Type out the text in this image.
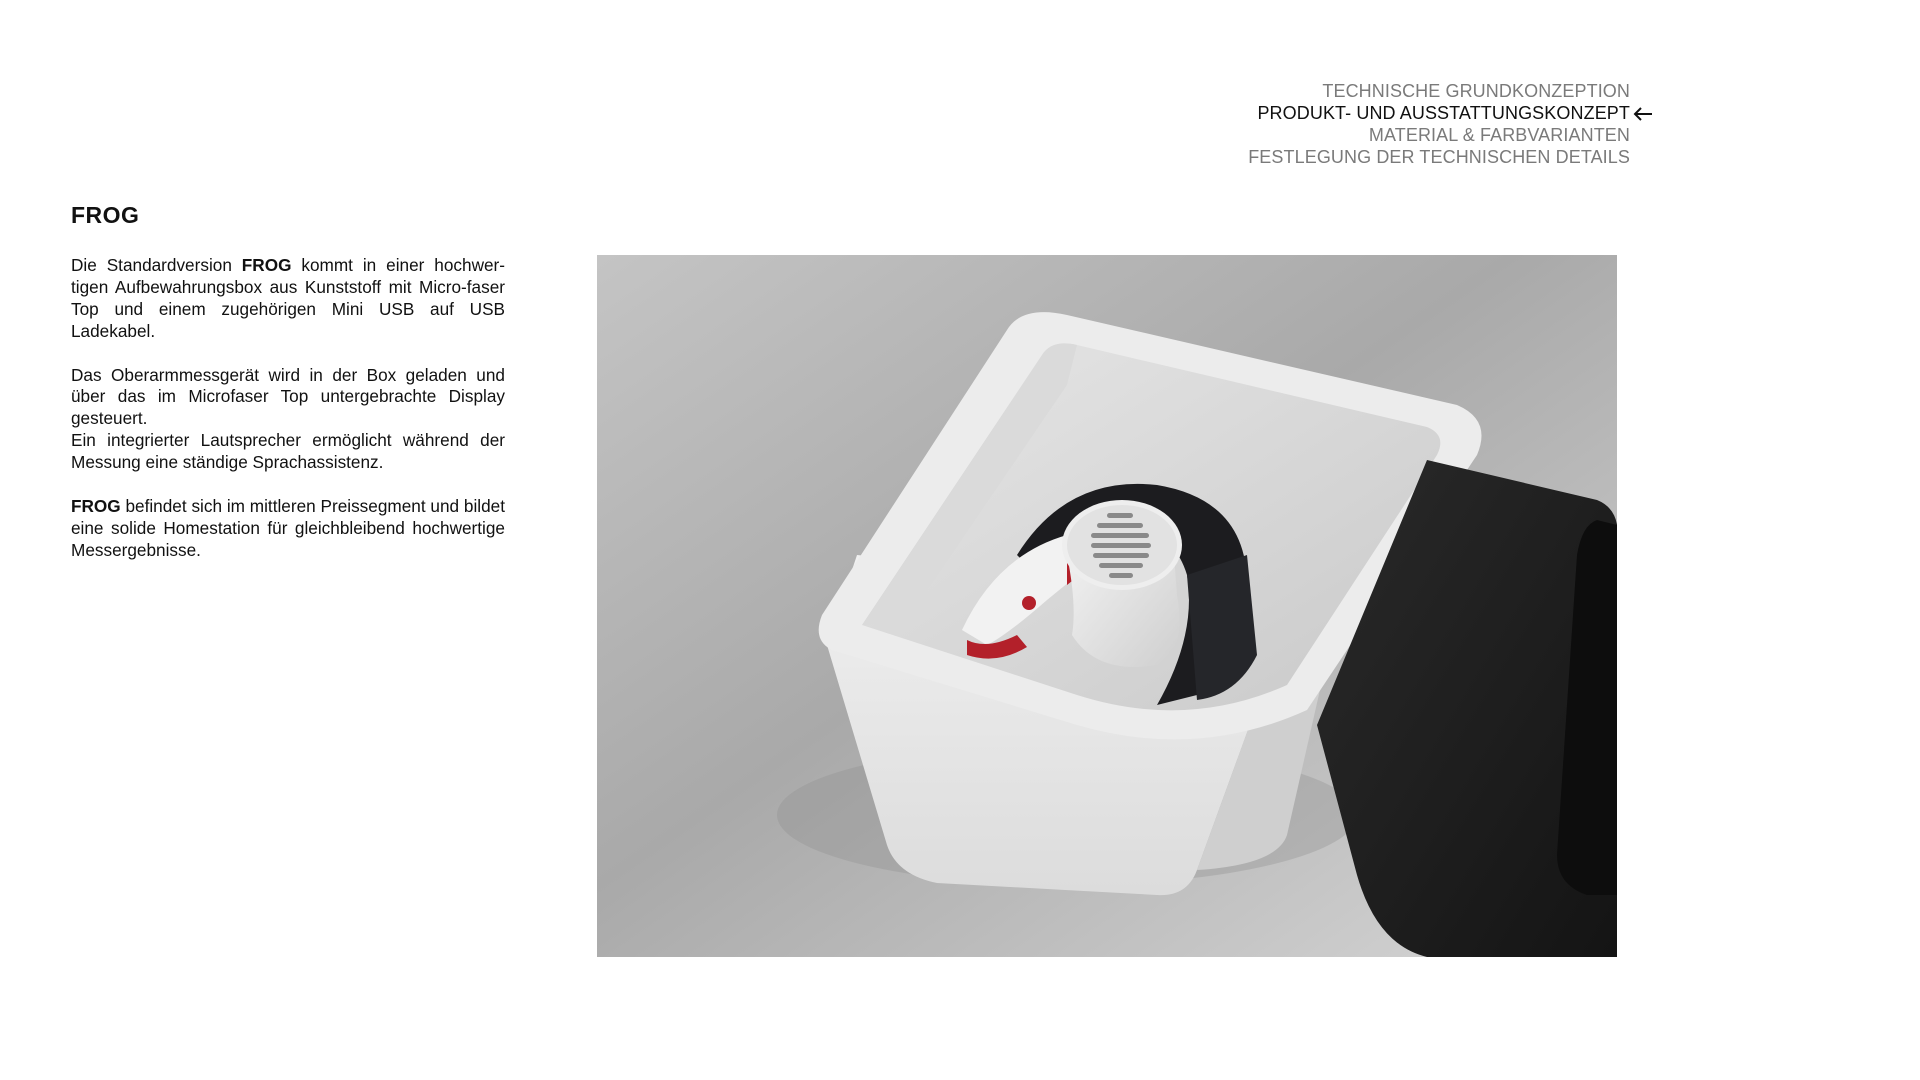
TECHNISCHE GRUNDKONZEPTION
PRODUKT- UND AUSSTATTUNGSKONZEPT
MATERIAL & FARBVARIANTEN
FESTLEGUNG DER TECHNISCHEN DETAILS
FROG

Die Standardversion FROG kommt in einer hochwer-tigen Aufbewahrungsbox aus Kunststoff mit Micro-faser Top und einem zugehörigen Mini USB auf USB Ladekabel.

Das Oberarmmessgerät wird in der Box geladen und über das im Microfaser Top untergebrachte Display gesteuert.
Ein integrierter Lautsprecher ermöglicht während der Messung eine ständige Sprachassistenz.

FROG befindet sich im mittleren Preissegment und bildet eine solide Homestation für gleichbleibend hochwertige Messergebnisse.
